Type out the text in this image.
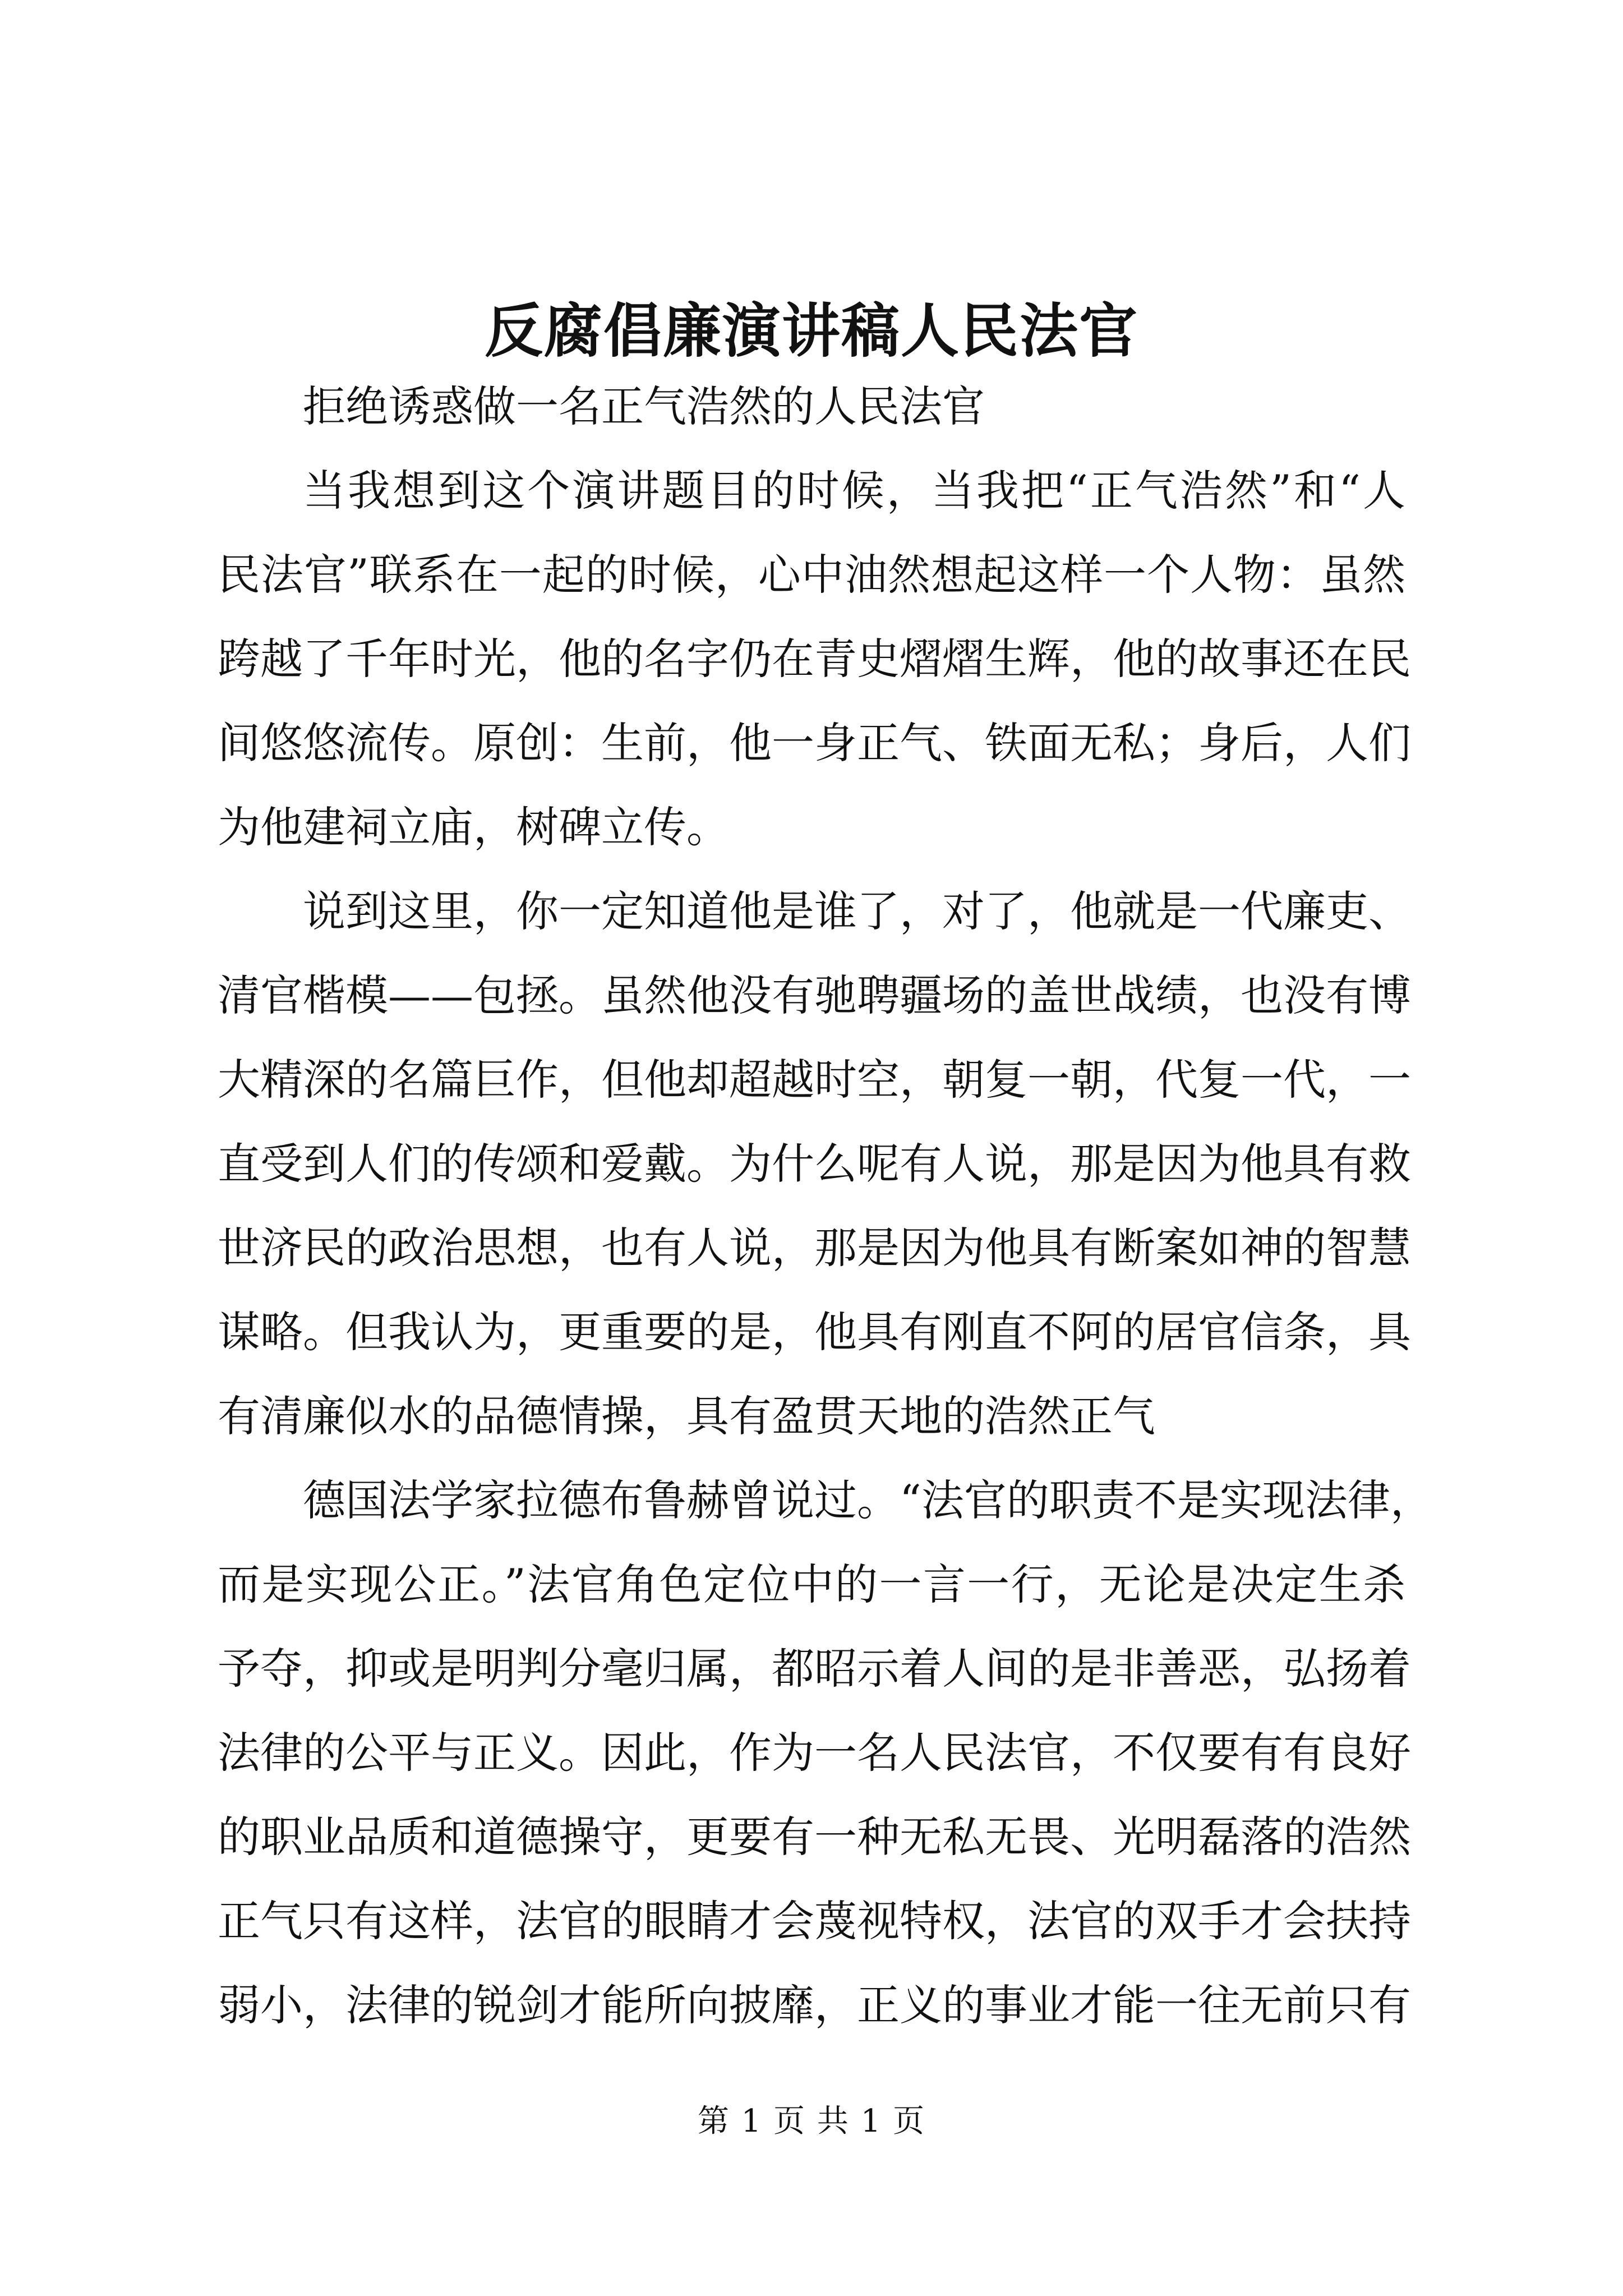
反腐倡廉演讲稿人民法官
拒绝诱惑做一名正气浩然的人民法官
当我想到这个演讲题目的时候，当我把“正气浩然”和“人
民法官”联系在一起的时候，心中油然想起这样一个人物：虽然
跨越了千年时光，他的名字仍在青史熠熠生辉，他的故事还在民
间悠悠流传。原创：生前，他一身正气、铁面无私；身后，人们
为他建祠立庙，树碑立传。
说到这里，你一定知道他是谁了，对了，他就是一代廉吏、
清官楷模——包拯。虽然他没有驰聘疆场的盖世战绩，也没有博
大精深的名篇巨作，但他却超越时空，朝复一朝，代复一代，一
直受到人们的传颂和爱戴。为什么呢有人说，那是因为他具有救
世济民的政治思想，也有人说，那是因为他具有断案如神的智慧
谋略。但我认为，更重要的是，他具有刚直不阿的居官信条，具
有清廉似水的品德情操，具有盈贯天地的浩然正气
德国法学家拉德布鲁赫曾说过。“法官的职责不是实现法律，
而是实现公正。”法官角色定位中的一言一行，无论是决定生杀
予夺，抑或是明判分毫归属，都昭示着人间的是非善恶，弘扬着
法律的公平与正义。因此，作为一名人民法官，不仅要有有良好
的职业品质和道德操守，更要有一种无私无畏、光明磊落的浩然
正气只有这样，法官的眼睛才会蔑视特权，法官的双手才会扶持
弱小，法律的锐剑才能所向披靡，正义的事业才能一往无前只有
第 1 页 共 1 页
